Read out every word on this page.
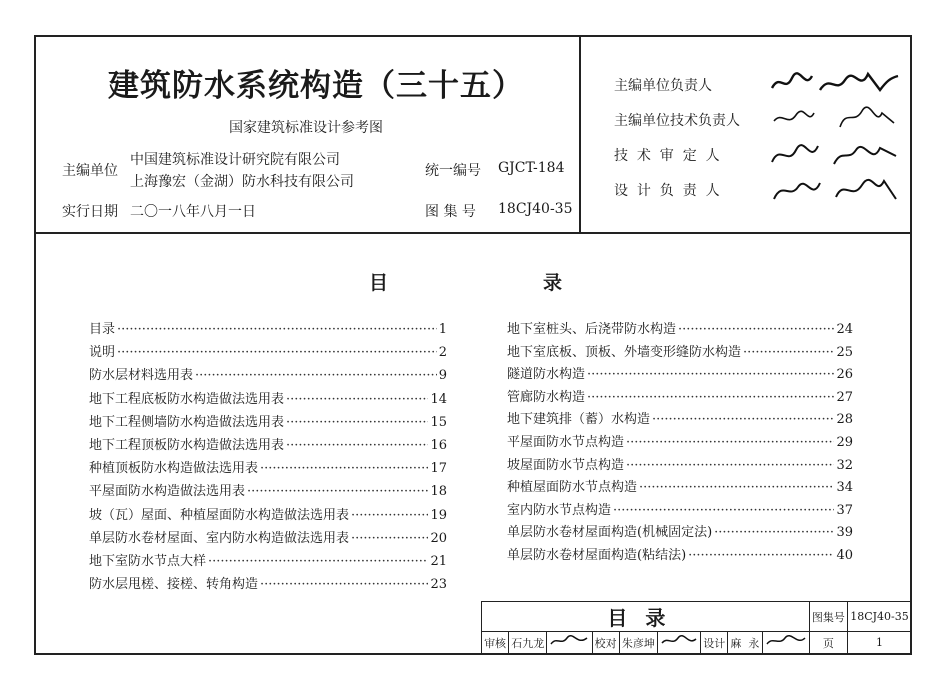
建筑防水系统构造（三十五）
国家建筑标准设计参考图
主编单位
中国建筑标准设计研究院有限公司
上海豫宏（金湖）防水科技有限公司
统一编号 GJCT-184
实行日期 二〇一八年八月一日	图 集 号 18CJ40-35
主编单位负责人
主编单位技术负责人
技  术  审  定  人
设  计  负  责  人
目	录
目录 ·····	1
说明 ·····	2
防水层材料选用表 ·····	9
地下工程底板防水构造做法选用表 ·····	14
地下工程侧墙防水构造做法选用表 ·····	15
地下工程顶板防水构造做法选用表 ·····	16
种植顶板防水构造做法选用表 ·····	17
平屋面防水构造做法选用表 ·····	18
坡（瓦）屋面、种植屋面防水构造做法选用表 ·····	19
单层防水卷材屋面、室内防水构造做法选用表 ·····	20
地下室防水节点大样 ·····	21
防水层甩槎、接槎、转角构造 ·····	23
地下室桩头、后浇带防水构造 ·····	24
地下室底板、顶板、外墙变形缝防水构造 ·····	25
隧道防水构造 ·····	26
管廊防水构造 ·····	27
地下建筑排（蓄）水构造 ·····	28
平屋面防水节点构造 ·····	29
坡屋面防水节点构造 ·····	32
种植屋面防水节点构造 ·····	34
室内防水节点构造 ·····	37
单层防水卷材屋面构造(机械固定法) ·····	39
单层防水卷材屋面构造(粘结法) ·····	40
目录									图集号	18CJ40-35
审核	石九龙		校对	朱彦坤		设计	麻  永		页	1
